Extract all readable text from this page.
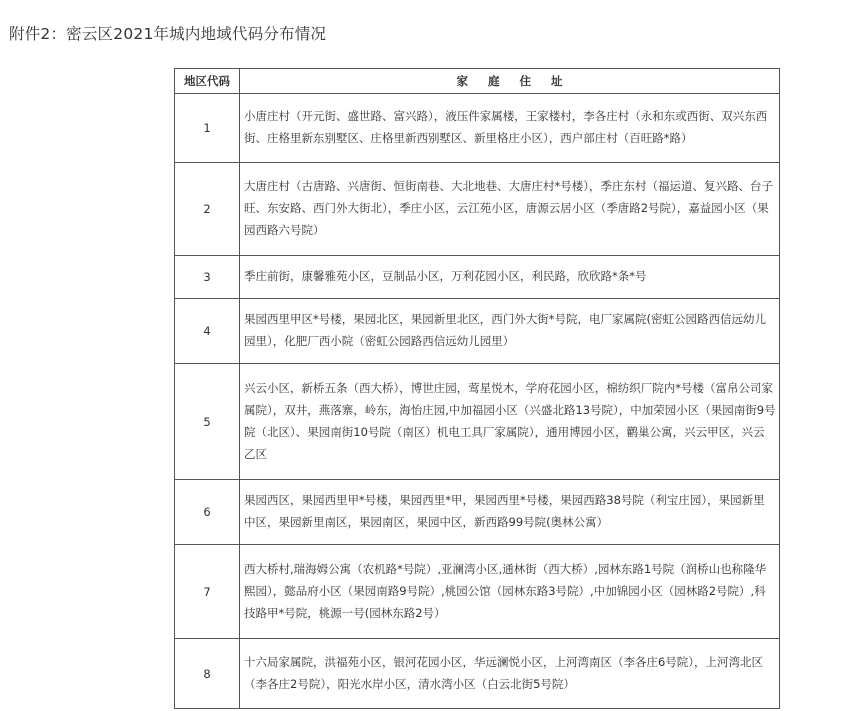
附件2：密云区2021年城内地域代码分布情况
地区代码	家庭住址
1	小唐庄村（开元街、盛世路、富兴路），液压件家属楼，王家楼村，李各庄村（永和东或西街、双兴东西街、庄格里新东别墅区、庄格里新西别墅区、新里格庄小区），西户部庄村（百旺路*路）
2	大唐庄村（古唐路、兴唐街、恒街南巷、大北地巷、大唐庄村*号楼），季庄东村（福运道、复兴路、台子旺、东安路、西门外大街北），季庄小区，云江苑小区，唐源云居小区（季唐路2号院），嘉益园小区（果园西路六号院）
3	季庄前街，康馨雅苑小区，豆制品小区，万利花园小区，利民路，欣欣路*条*号
4	果园西里甲区*号楼，果园北区，果园新里北区，西门外大街*号院，电厂家属院(密虹公园路西信远幼儿园里），化肥厂西小院（密虹公园路西信远幼儿园里）
5	兴云小区，新桥五条（西大桥），博世庄园，莺星悦木，学府花园小区，棉纺织厂院内*号楼（富帛公司家属院），双井，燕落寨，岭东，海怡庄园,中加福园小区（兴盛北路13号院），中加荣园小区（果园南街9号院（北区）、果园南街10号院（南区）机电工具厂家属院），通用博园小区，鹳巢公寓，兴云甲区，兴云乙区
6	果园西区，果园西里甲*号楼，果园西里*甲，果园西里*号楼，果园西路38号院（利宝庄园），果园新里中区，果园新里南区，果园南区，果园中区，新西路99号院(奥林公寓）
7	西大桥村,瑞海姆公寓（农机路*号院）,亚澜湾小区,通林街（西大桥）,园林东路1号院（润桥山也称隆华熙园），懿品府小区（果园南路9号院）,桃园公馆（园林东路3号院）,中加锦园小区（园林路2号院）,科技路甲*号院，桃源一号(园林东路2号）
8	十六局家属院，洪福苑小区，银河花园小区，华远澜悦小区，上河湾南区（李各庄6号院），上河湾北区（李各庄2号院），阳光水岸小区，清水湾小区（白云北街5号院）
